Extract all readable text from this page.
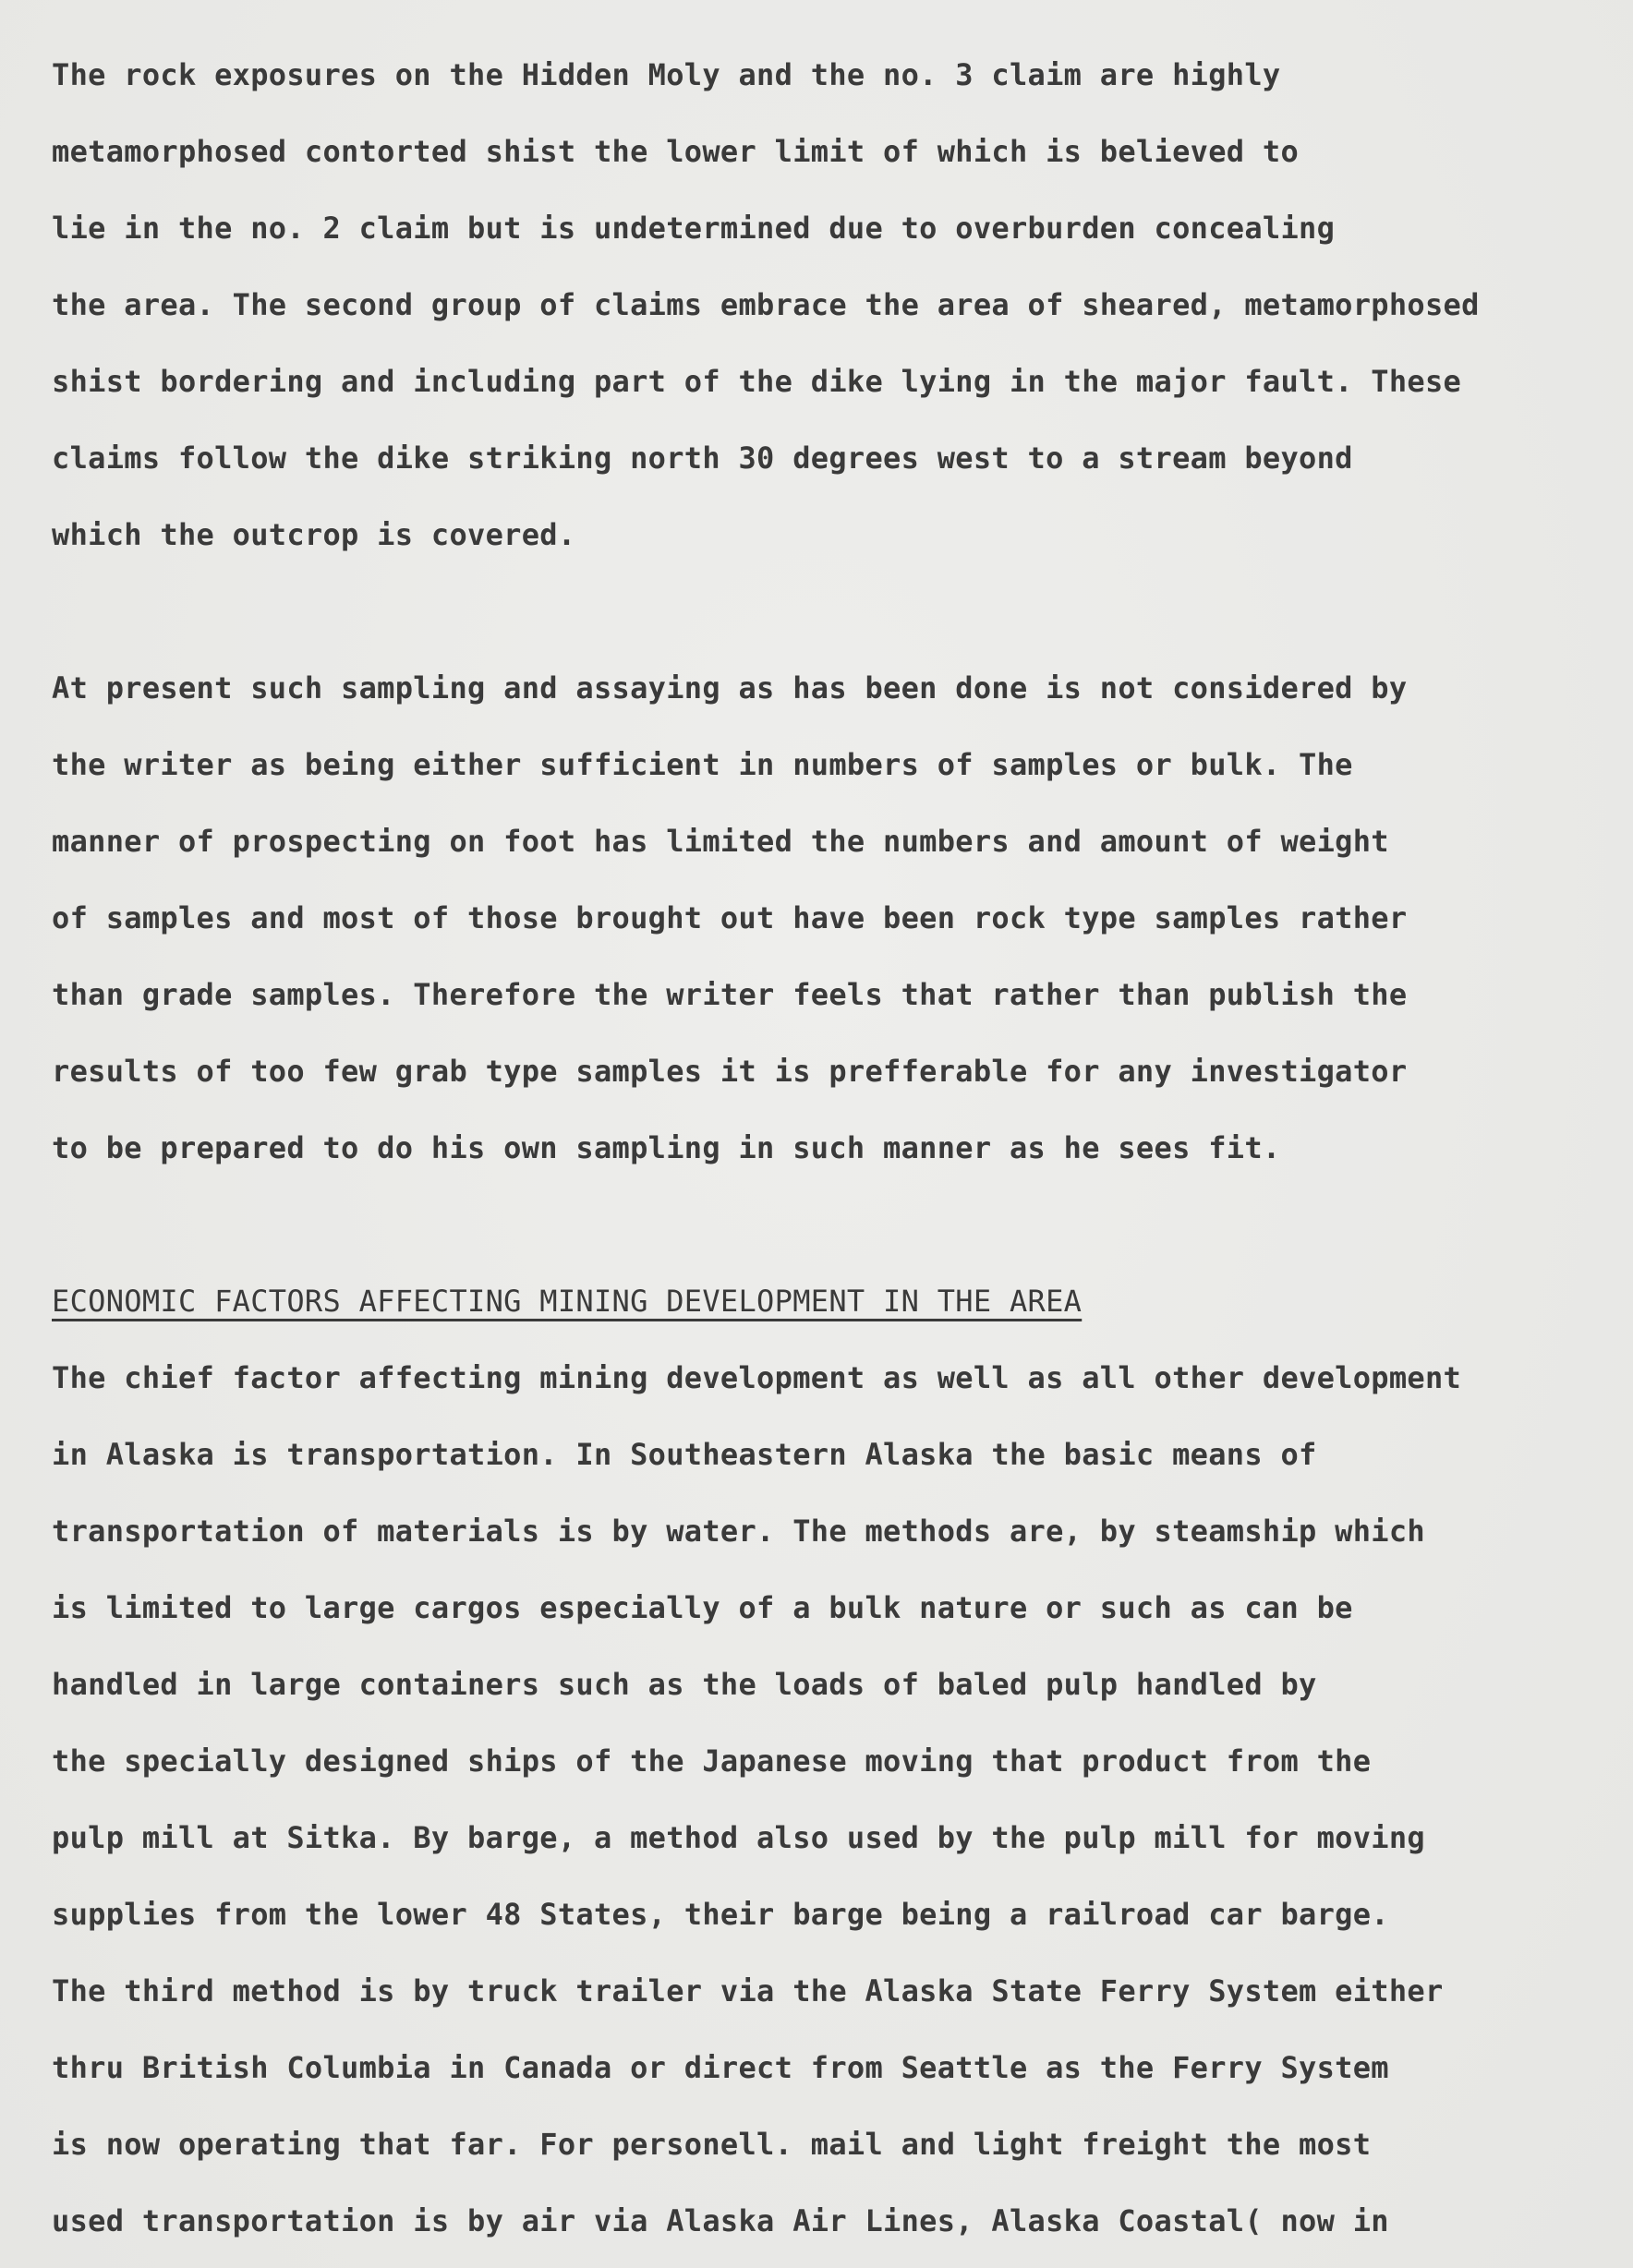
The rock exposures on the Hidden Moly and the no. 3 claim are highly

metamorphosed contorted shist the lower limit of which is believed to

lie in the no. 2 claim but is undetermined due to overburden concealing

the area. The second group of claims embrace the area of sheared, metamorphosed

shist bordering and including part of the dike lying in the major fault. These

claims follow the dike striking north 30 degrees west to a stream beyond

which the outcrop is covered.

At present such sampling and assaying as has been done is not considered by

the writer as being either sufficient in numbers of samples or bulk. The

manner of prospecting on foot has limited the numbers and amount of weight

of samples and most of those brought out have been rock type samples rather

than grade samples. Therefore the writer feels that rather than publish the

results of too few grab type samples it is prefferable for any investigator

to be prepared to do his own sampling in such manner as he sees fit.

ECONOMIC FACTORS AFFECTING MINING DEVELOPMENT IN THE AREA

The chief factor affecting mining development as well as all other development

in Alaska is transportation. In Southeastern Alaska the basic means of

transportation of materials is by water. The methods are, by steamship which

is limited to large cargos especially of a bulk nature or such as can be

handled in large containers such as the loads of baled pulp handled by

the specially designed ships of the Japanese moving that product from the

pulp mill at Sitka. By barge, a method also used by the pulp mill for moving

supplies from the lower 48 States, their barge being a railroad car barge.

The third method is by truck trailer via the Alaska State Ferry System either

thru British Columbia in Canada or direct from Seattle as the Ferry System

is now operating that far. For personell. mail and light freight the most

used transportation is by air via Alaska Air Lines, Alaska Coastal( now in
